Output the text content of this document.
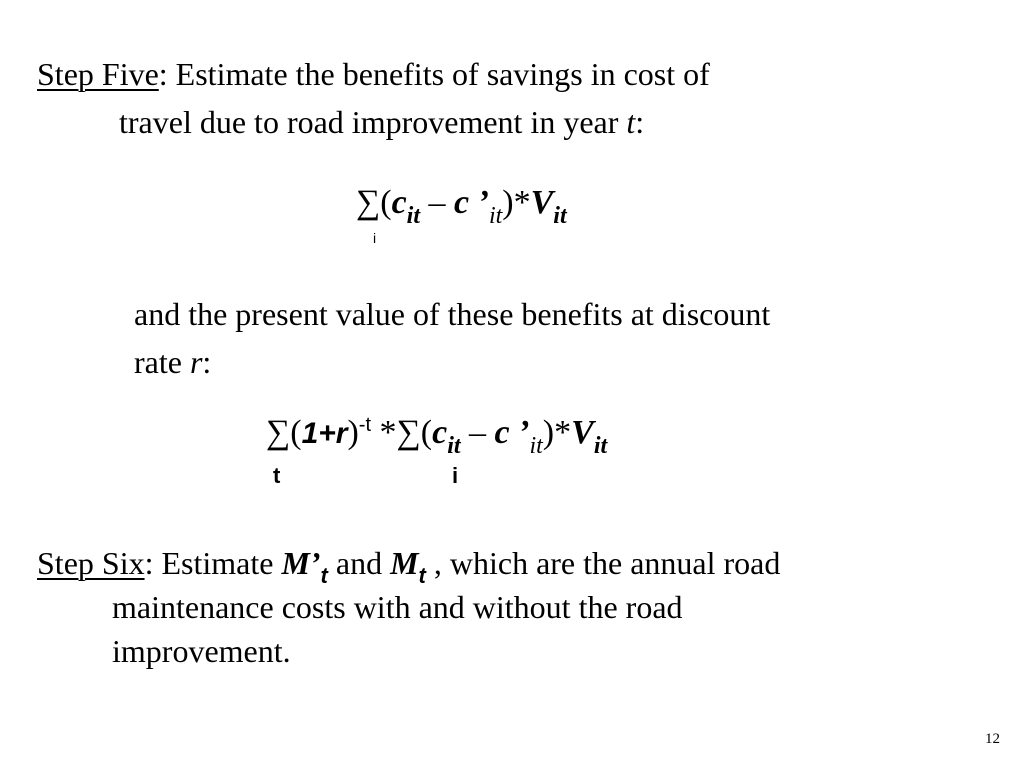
Step Five: Estimate the benefits of savings in cost of
travel due to road improvement in year t:
$\sum(c_{it}$ – c $’_{it})*V_{it}$
i
and the present value of these benefits at discount
rate r:
$\sum(1+r)^{-t}$ $*\sum(c_{it}$ – c $’_{it})*V_{it}$
t	i
Step Six: Estimate $M’_t$ and $M_t$ , which are the annual road
maintenance costs with and without the road
improvement.
12
